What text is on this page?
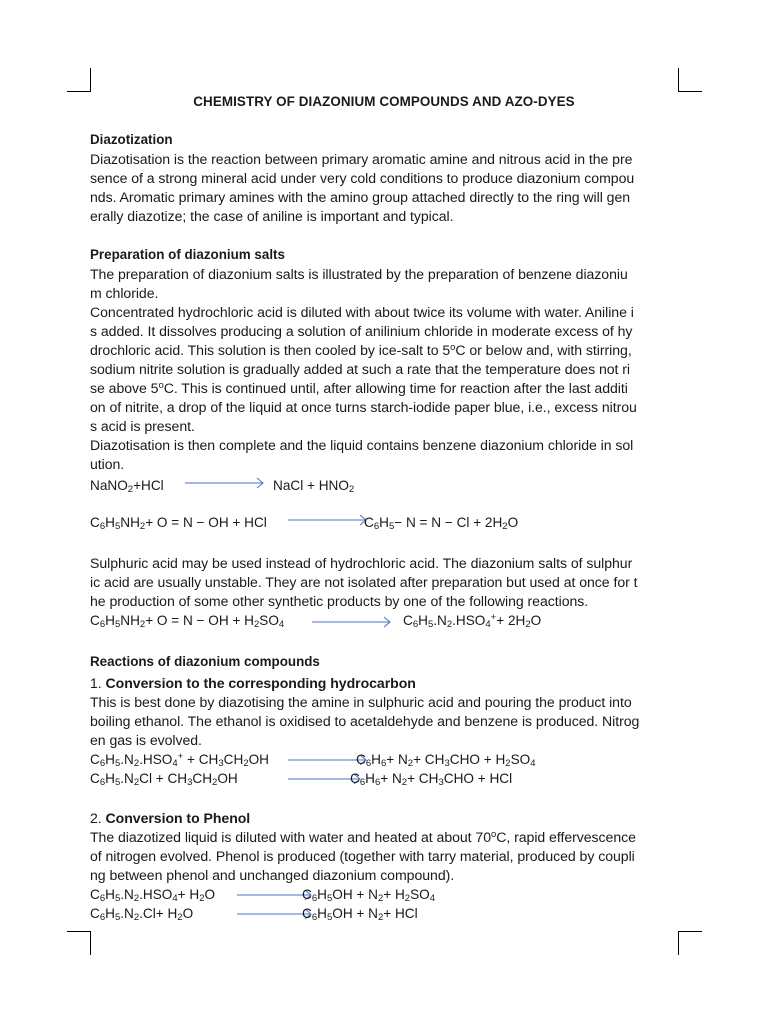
CHEMISTRY OF DIAZONIUM COMPOUNDS AND AZO-DYES
Diazotization
Diazotisation is the reaction between primary aromatic amine and nitrous acid in the pre
sence of a strong mineral acid under very cold conditions to produce diazonium compou
nds. Aromatic primary amines with the amino group attached directly to the ring will gen
erally diazotize; the case of aniline is important and typical.
Preparation of diazonium salts
The preparation of diazonium salts is illustrated by the preparation of benzene diazoniu
m chloride.
Concentrated hydrochloric acid is diluted with about twice its volume with water. Aniline i
s added. It dissolves producing a solution of anilinium chloride in moderate excess of hy
drochloric acid. This solution is then cooled by ice-salt to 5$^o$C or below and, with stirring,
sodium nitrite solution is gradually added at such a rate that the temperature does not ri
se above 5$^o$C. This is continued until, after allowing time for reaction after the last additi
on of nitrite, a drop of the liquid at once turns starch-iodide paper blue, i.e., excess nitrou
s acid is present.
Diazotisation is then complete and the liquid contains benzene diazonium chloride in sol
ution.
NaNO$_2$+HCl	NaCl + $HNO_2$
$C_6H_5NH_2+ O = N$ − OH + HCl	$C_6H_5- N = N - Cl + 2H_2O$
Sulphuric acid may be used instead of hydrochloric acid. The diazonium salts of sulphur
ic acid are usually unstable. They are not isolated after preparation but used at once for t
he production of some other synthetic products by one of the following reactions.
$C_6H_5NH_2+ O = N$ − OH + $H_2SO_4$	$C_6H_5.N_2.HSO_4^++ 2H_2O$
Reactions of diazonium compounds
1. Conversion to the corresponding hydrocarbon
This is best done by diazotising the amine in sulphuric acid and pouring the product into
boiling ethanol. The ethanol is oxidised to acetaldehyde and benzene is produced. Nitrog
en gas is evolved.
$C_6H_5.N_2.HSO_4^+ + CH_3CH_2OH$	$C_6H_6+ N_2+ CH_3CHO + H_2SO_4$
$C_6H_5.N_2Cl + CH_3CH_2OH$	$C_6H_6+ N_2+ CH_3CHO$ + HCl
2. Conversion to Phenol
The diazotized liquid is diluted with water and heated at about 70$^o$C, rapid effervescence
of nitrogen evolved. Phenol is produced (together with tarry material, produced by coupli
ng between phenol and unchanged diazonium compound).
$C_6H_5.N_2.HSO_4+ H_2O$	$C_6H_5OH + N_2+ H_2SO_4$
$C_6H_5.N_2.Cl+ H_2O$	$C_6H_5OH + N_2+$ HCl
